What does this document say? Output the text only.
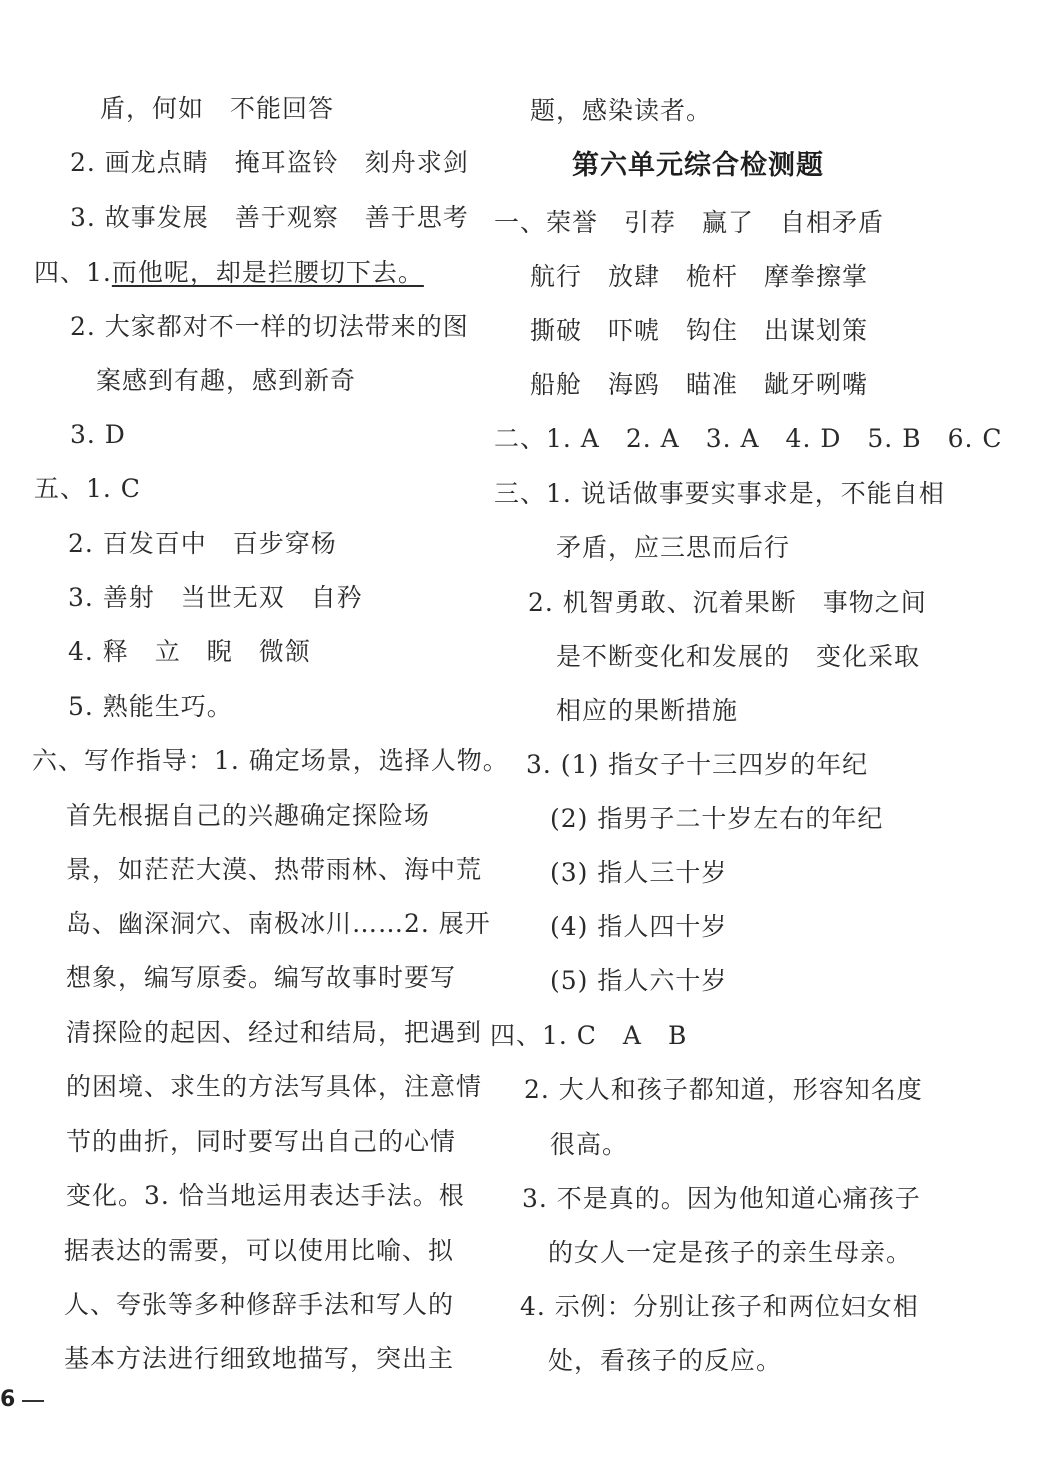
盾，何如　不能回答
2. 画龙点睛　掩耳盗铃　刻舟求剑
3. 故事发展　善于观察　善于思考
四、1.而他呢，却是拦腰切下去。
2. 大家都对不一样的切法带来的图
案感到有趣，感到新奇
3. D
五、1. C
2. 百发百中　百步穿杨
3. 善射　当世无双　自矜
4. 释　立　睨　微颔
5. 熟能生巧。
六、写作指导：1. 确定场景，选择人物。
首先根据自己的兴趣确定探险场
景，如茫茫大漠、热带雨林、海中荒
岛、幽深洞穴、南极冰川……2. 展开
想象，编写原委。编写故事时要写
清探险的起因、经过和结局，把遇到
的困境、求生的方法写具体，注意情
节的曲折，同时要写出自己的心情
变化。3. 恰当地运用表达手法。根
据表达的需要，可以使用比喻、拟
人、夸张等多种修辞手法和写人的
基本方法进行细致地描写，突出主
题，感染读者。
第六单元综合检测题
一、荣誉　引荐　赢了　自相矛盾
航行　放肆　桅杆　摩拳擦掌
撕破　吓唬　钩住　出谋划策
船舱　海鸥　瞄准　龇牙咧嘴
二、1. A　2. A　3. A　4. D　5. B　6. C
三、1. 说话做事要实事求是，不能自相
矛盾，应三思而后行
2. 机智勇敢、沉着果断　事物之间
是不断变化和发展的　变化采取
相应的果断措施
3. (1) 指女子十三四岁的年纪
(2) 指男子二十岁左右的年纪
(3) 指人三十岁
(4) 指人四十岁
(5) 指人六十岁
四、1. C　A　B
2. 大人和孩子都知道，形容知名度
很高。
3. 不是真的。因为他知道心痛孩子
的女人一定是孩子的亲生母亲。
4. 示例：分别让孩子和两位妇女相
处，看孩子的反应。
6
